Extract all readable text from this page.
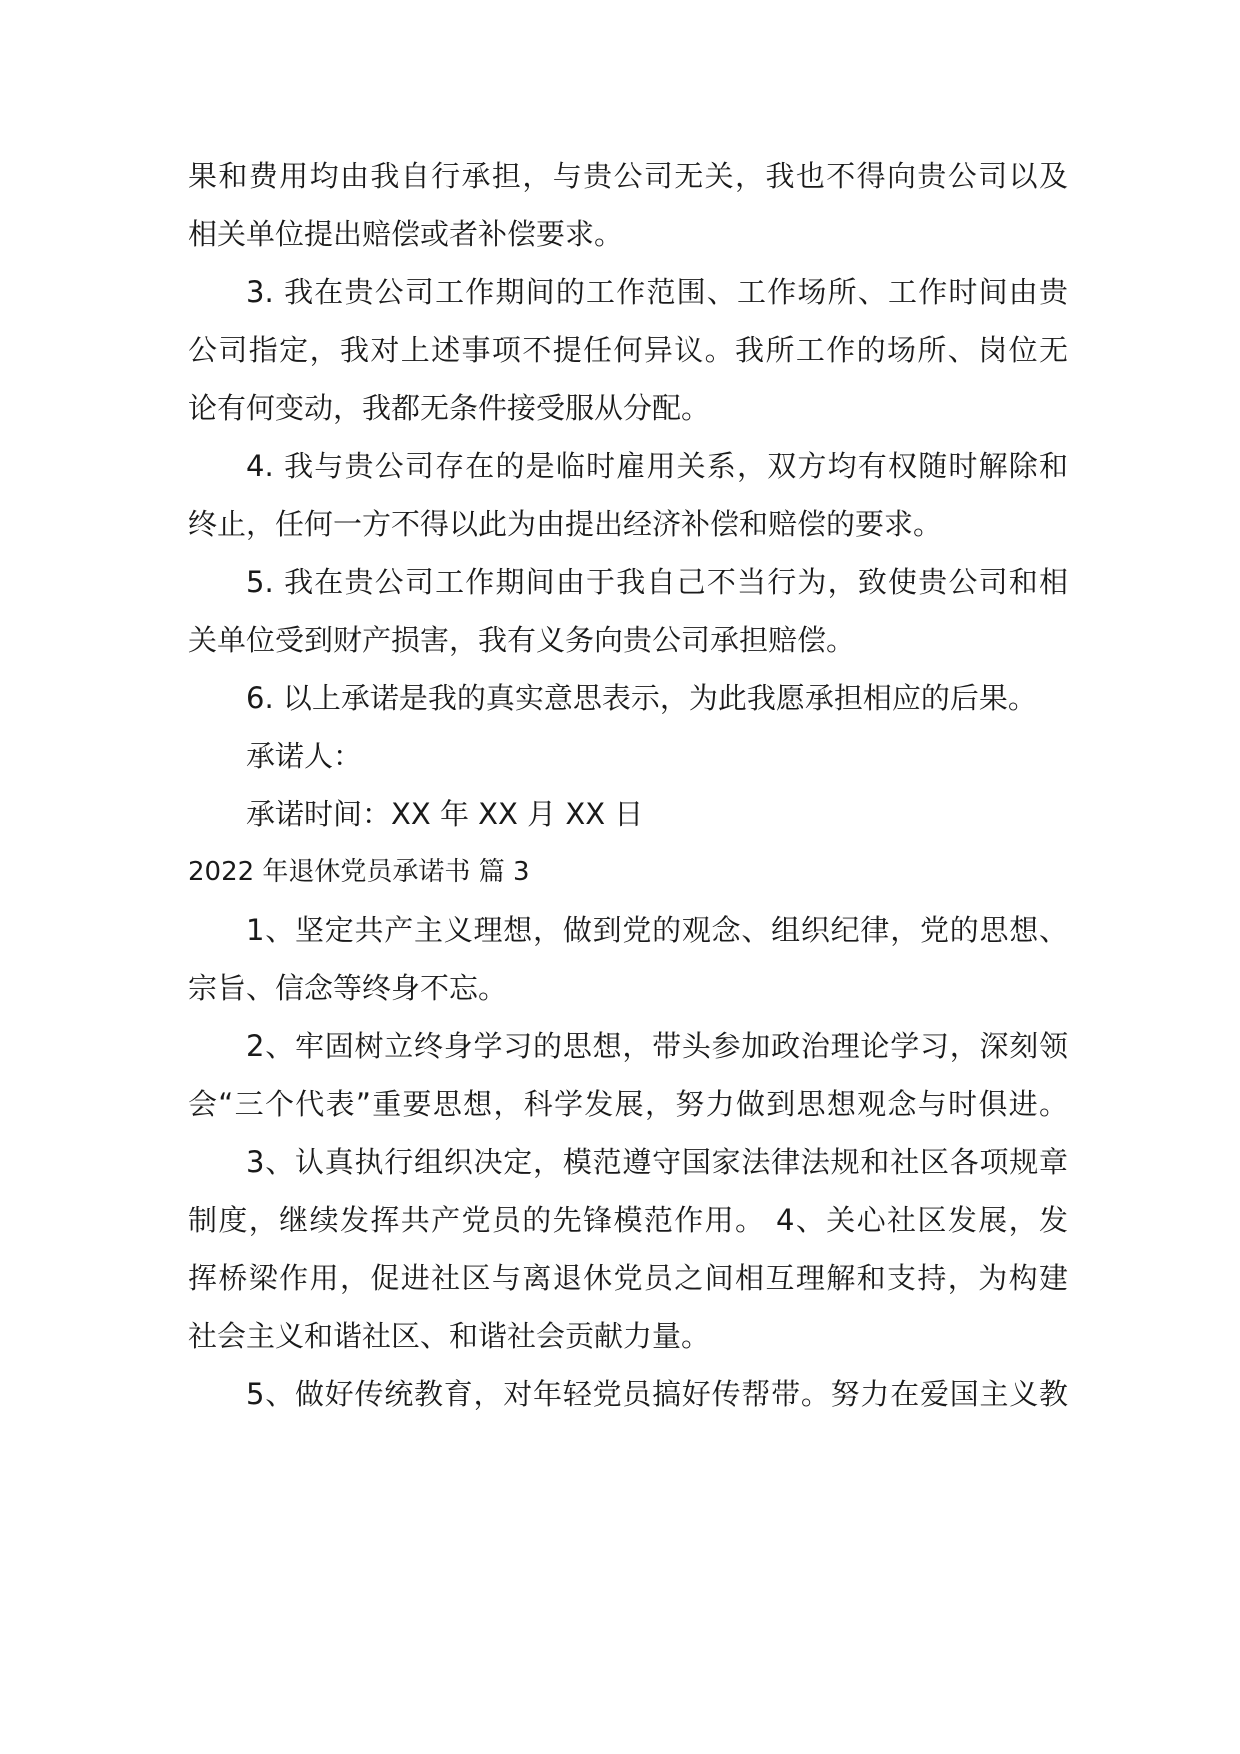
果和费用均由我自行承担，与贵公司无关，我也不得向贵公司以及
相关单位提出赔偿或者补偿要求。
3. 我在贵公司工作期间的工作范围、工作场所、工作时间由贵
公司指定，我对上述事项不提任何异议。我所工作的场所、岗位无
论有何变动，我都无条件接受服从分配。
4. 我与贵公司存在的是临时雇用关系，双方均有权随时解除和
终止，任何一方不得以此为由提出经济补偿和赔偿的要求。
5. 我在贵公司工作期间由于我自己不当行为，致使贵公司和相
关单位受到财产损害，我有义务向贵公司承担赔偿。
6. 以上承诺是我的真实意思表示，为此我愿承担相应的后果。
承诺人：
承诺时间：XX 年 XX 月 XX 日
2022 年退休党员承诺书 篇 3
1、坚定共产主义理想，做到党的观念、组织纪律，党的思想、
宗旨、信念等终身不忘。
2、牢固树立终身学习的思想，带头参加政治理论学习，深刻领
会“三个代表”重要思想，科学发展，努力做到思想观念与时俱进。
3、认真执行组织决定，模范遵守国家法律法规和社区各项规章
制度，继续发挥共产党员的先锋模范作用。 4、关心社区发展，发
挥桥梁作用，促进社区与离退休党员之间相互理解和支持，为构建
社会主义和谐社区、和谐社会贡献力量。
5、做好传统教育，对年轻党员搞好传帮带。努力在爱国主义教
